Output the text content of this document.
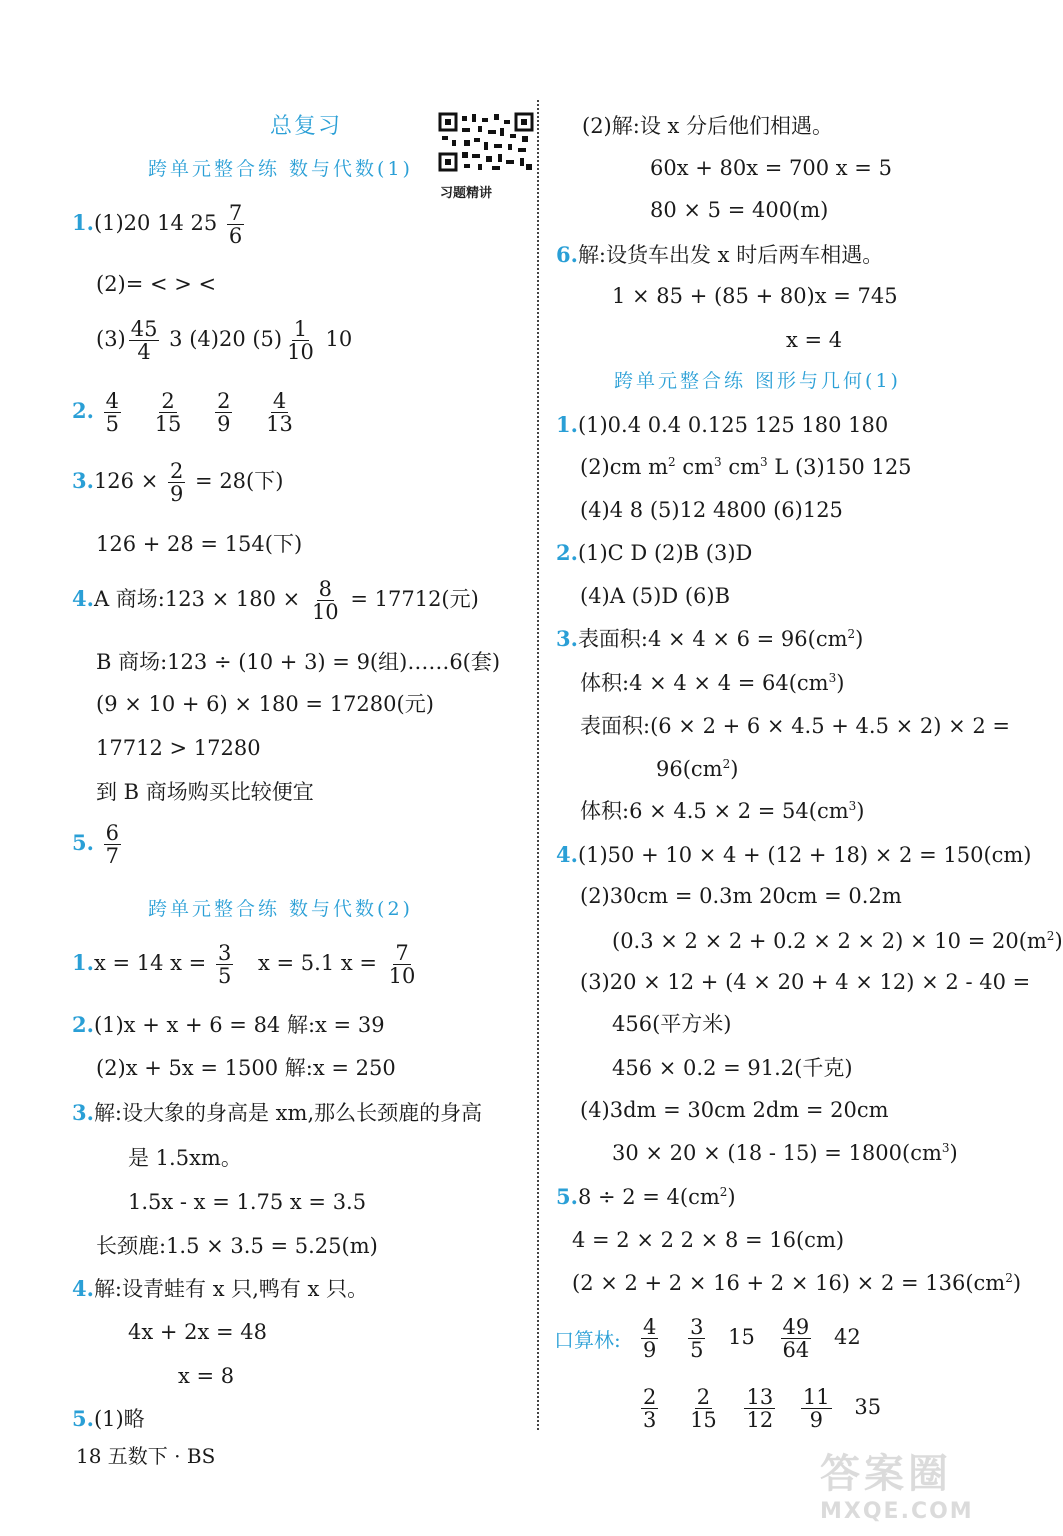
总复习
习题精讲
跨单元整合练 数与代数(1)
1.(1)20 14 $25 \frac{7}{6}$
(2)= < > <
$(3) \frac{45}{4} 3$ (4)20 $(5) \frac{1}{10} 10$
2. $\frac{4}{5}$
$\frac{2}{15}$
$\frac{2}{9}$
$\frac{4}{13}$
$3.126 \times \frac{2}{9} = 28$(下)
126 + 28 = 154(下)
4.A 商场:123 × $180 \times \frac{8}{10} = 17712$(元)
B 商场:123 ÷ (10 + 3) = 9(组)……6(套)
(9 × 10 + 6) × 180 = 17280(元)
17712 > 17280
到 B 商场购买比较便宜
5. $\frac{6}{7}$
跨单元整合练 数与代数(2)
1.x = 14 $x = \frac{3}{5}$ x = 5.1 $x = \frac{7}{10}$
2.(1)x + x + 6 = 84 解:x = 39
(2)x + 5x = 1500 解:x = 250
3.解:设大象的身高是 xm,那么长颈鹿的身高
是 1.5xm。
1.5x - x = 1.75 x = 3.5
长颈鹿:1.5 × 3.5 = 5.25(m)
4.解:设青蛙有 x 只,鸭有 x 只。
4x + 2x = 48
x = 8
5.(1)略
18 五数下 · BS
(2)解:设 x 分后他们相遇。
60x + 80x = 700 x = 5
80 × 5 = 400(m)
6.解:设货车出发 x 时后两车相遇。
1 × 85 + (85 + 80)x = 745
x = 4
跨单元整合练 图形与几何(1)
1.(1)0.4 0.4 0.125 125 180 180
(2)cm $m^2$ $cm^3$ $cm^3$ L (3)150 125
(4)4 8 (5)12 4800 (6)125
2.(1)C D (2)B (3)D
(4)A (5)D (6)B
3.表面积:4 × $4 \times 6 = 96(cm^2)$
体积:4 × $4 \times 4 = 64(cm^3)$
表面积:(6 × 2 + 6 × 4.5 + 4.5 × 2) × 2 =
$96(cm^2)$
体积:6 × $4.5 \times 2 = 54(cm^3)$
4.(1)50 + 10 × 4 + (12 + 18) × 2 = 150(cm)
(2)30cm = 0.3m 20cm = 0.2m
$(0.3 \times 2 \times 2 + 0.2 \times 2 \times 2) \times 10 = 20(m^2)$
(3)20 × 12 + (4 × 20 + 4 × 12) × 2 - 40 =
456(平方米)
456 × 0.2 = 91.2(千克)
(4)3dm = 30cm 2dm = 20cm
$30 \times 20 \times (18 - 15) = 1800(cm^3)$
$5.8 \div 2 = 4(cm^2)$
4 = 2 × 2 2 × 8 = 16(cm)
$(2 \times 2 + 2 \times 16 + 2 \times 16) \times 2 = 136(cm^2)$
口算林: $\frac{4}{9}$
$\frac{3}{5} 15 \frac{49}{64} 42$
$\frac{2}{3}$
$\frac{2}{15}$
$\frac{13}{12}$
$\frac{11}{9} 35$
答案圈
MXQE.COM
